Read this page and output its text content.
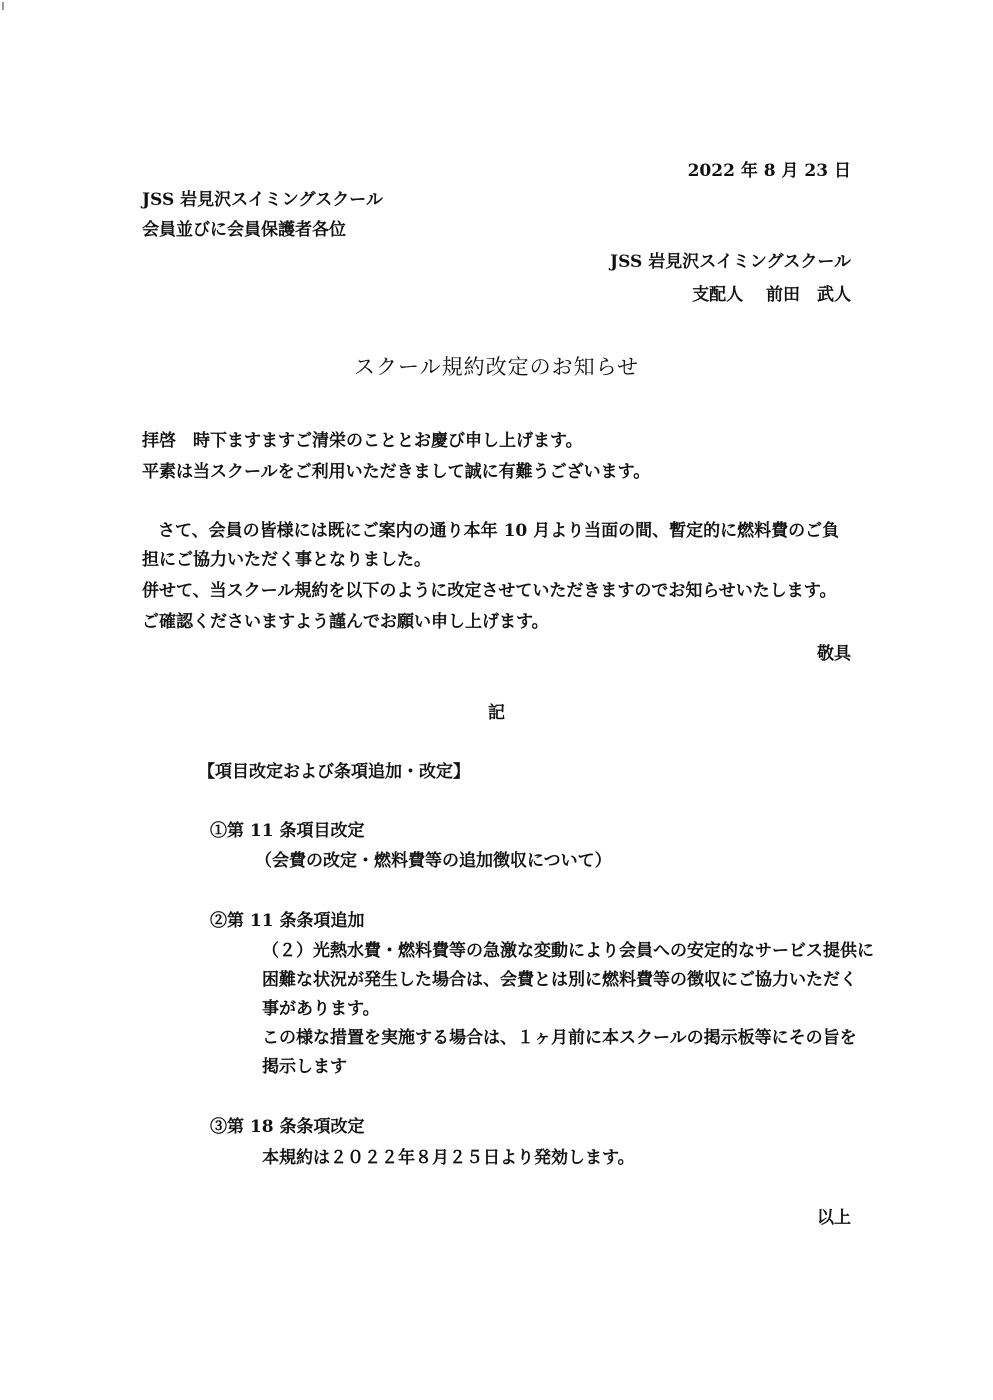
2022 年 8 月 23 日
JSS 岩見沢スイミングスクール
会員並びに会員保護者各位
JSS 岩見沢スイミングスクール
支配人　 前田　武人
スクール規約改定のお知らせ
拝啓　時下ますますご清栄のこととお慶び申し上げます。
平素は当スクールをご利用いただきまして誠に有難うございます。
さて、会員の皆様には既にご案内の通り本年 10 月より当面の間、暫定的に燃料費のご負
担にご協力いただく事となりました。
併せて、当スクール規約を以下のように改定させていただきますのでお知らせいたします。
ご確認くださいますよう謹んでお願い申し上げます。
敬具
記
【項目改定および条項追加・改定】
①第 11 条項目改定
（会費の改定・燃料費等の追加徴収について）
②第 11 条条項追加
（２）光熱水費・燃料費等の急激な変動により会員への安定的なサービス提供に
困難な状況が発生した場合は、会費とは別に燃料費等の徴収にご協力いただく
事があります。
この様な措置を実施する場合は、１ヶ月前に本スクールの掲示板等にその旨を
掲示します
③第 18 条条項改定
本規約は２０２２年８月２５日より発効します。
以上
